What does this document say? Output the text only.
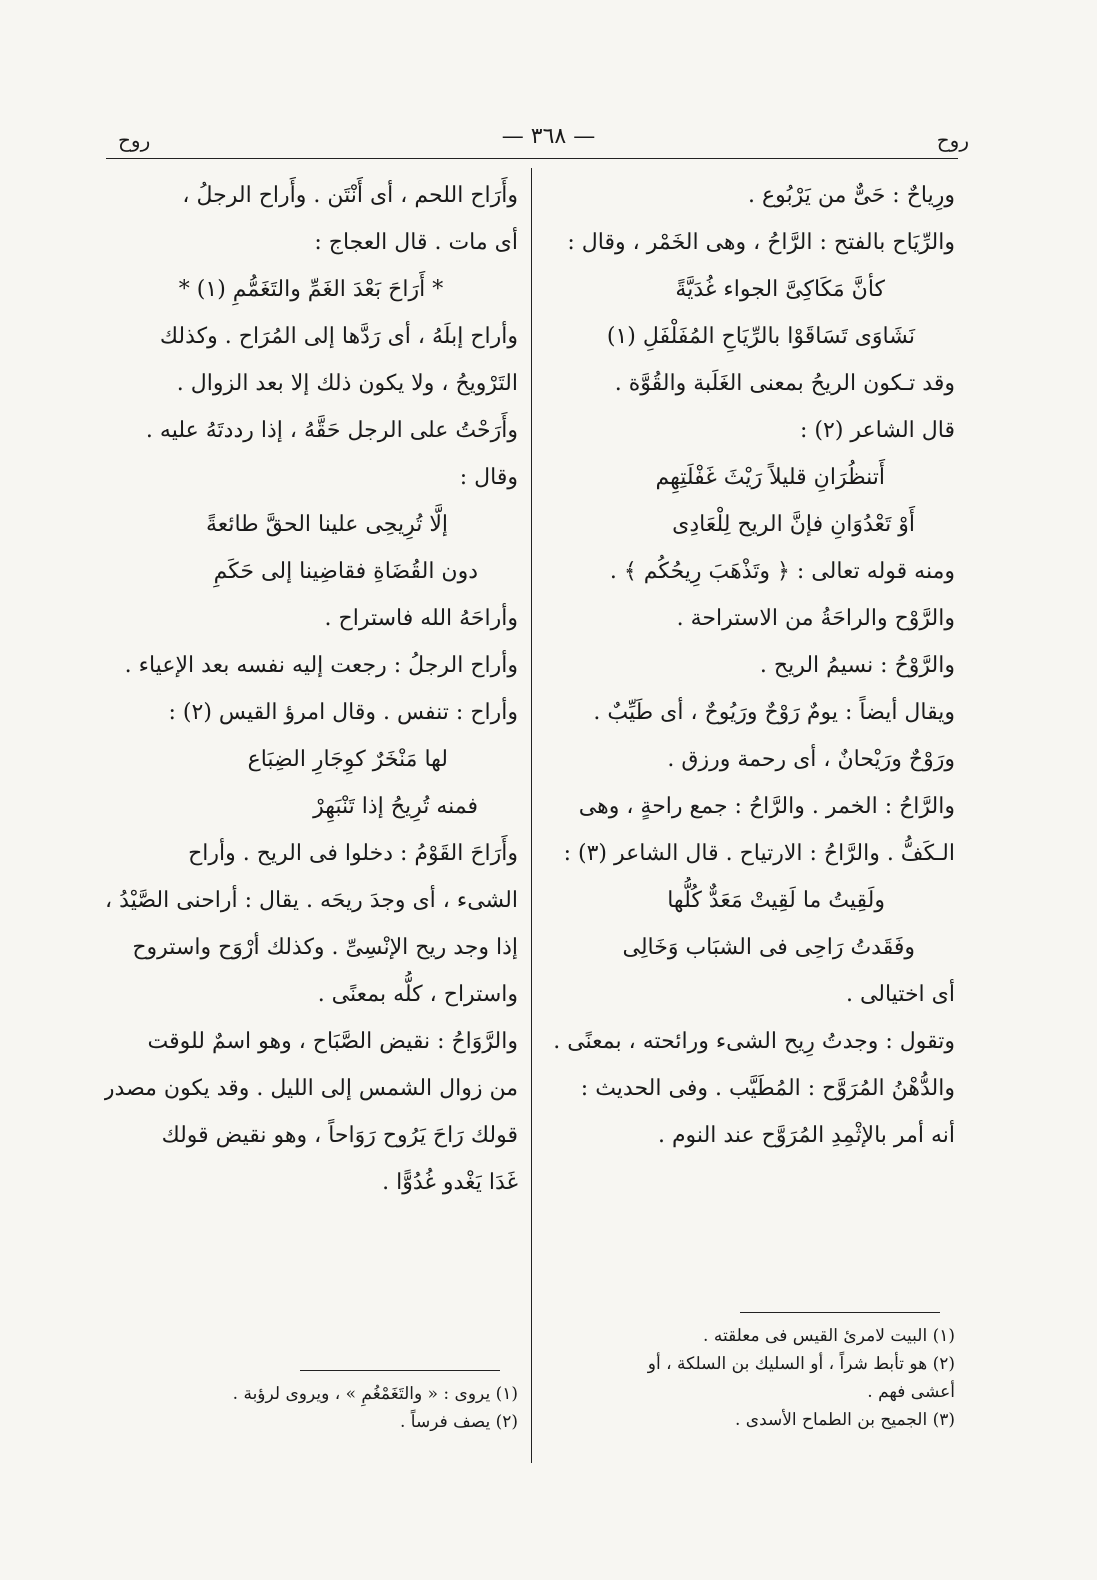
روح
— ٣٦٨ —
روح
ورِياحٌ : حَىٌّ من يَرْبُوع .
والرِّيَاح بالفتح : الرَّاحُ ، وهى الخَمْر ، وقال :
كأنَّ مَكَاكِىَّ الجواء غُدَيَّةً
نَشَاوَى تَسَاقَوْا بالرِّيَاحِ المُفَلْفَلِ (١)
وقد تـكون الريحُ بمعنى الغَلَبة والقُوَّة .
قال الشاعر (٢) :
أَتنظُرَانِ قليلاً رَيْثَ غَفْلَتِهِم
أَوْ تَعْدُوَانِ فإنَّ الريح لِلْعَادِى
ومنه قوله تعالى : ﴿ وتَذْهَبَ رِيحُكُم ﴾ .
والرَّوْح والراحَةُ من الاستراحة .
والرَّوْحُ : نسيمُ الريح .
ويقال أيضاً : يومٌ رَوْحٌ ورَيُوحٌ ، أى طَيِّبٌ .
ورَوْحٌ ورَيْحانٌ ، أى رحمة ورزق .
والرَّاحُ : الخمر . والرَّاحُ : جمع راحةٍ ، وهى
الـكَفُّ . والرَّاحُ : الارتياح . قال الشاعر (٣) :
ولَقِيتُ ما لَقِيتْ مَعَدٌّ كُلُّها
وفَقَدتُ رَاحِى فى الشبَاب وَخَالِى
أى اختيالى .
وتقول : وجدتُ رِيح الشىء ورائحته ، بمعنًى .
والدُّهْنُ المُرَوَّح : المُطَيَّب . وفى الحديث :
أنه أمر بالإثْمِدِ المُرَوَّح عند النوم .
(١) البيت لامرئ القيس فى معلقته .
(٢) هو تأبط شراً ، أو السليك بن السلكة ، أو
أعشى فهم .
(٣) الجميح بن الطماح الأسدى .
وأَرَاح اللحم ، أى أَنْتَن . وأَراح الرجلُ ،
أى مات . قال العجاج :
* أَرَاحَ بَعْدَ الغَمِّ والتَغَمُّمِ (١) *
وأراح إبلَهُ ، أى رَدَّها إلى المُرَاح . وكذلك
التَرْويحُ ، ولا يكون ذلك إلا بعد الزوال .
وأَرَحْتُ على الرجل حَقَّهُ ، إذا رددتَهُ عليه .
وقال :
إلَّا تُرِيحِى علينا الحقَّ طائعةً
دون القُضَاةِ فقاضِينا إلى حَكَمِ
وأراحَهُ الله فاستراح .
وأراح الرجلُ : رجعت إليه نفسه بعد الإعياء .
وأراح : تنفس . وقال امرؤ القيس (٢) :
لها مَنْخَرٌ كوِجَارِ الضِبَاع
فمنه تُرِيحُ إذا تَنْبَهِرْ
وأَرَاحَ القَوْمُ : دخلوا فى الريح . وأراح
الشىء ، أى وجدَ ريحَه . يقال : أراحنى الصَّيْدُ ،
إذا وجد ريح الإنْسِىِّ . وكذلك أرْوَح واستروح
واستراح ، كلُّه بمعنًى .
والرَّوَاحُ : نقيض الصَّبَاح ، وهو اسمٌ للوقت
من زوال الشمس إلى الليل . وقد يكون مصدر
قولك رَاحَ يَرُوح رَوَاحاً ، وهو نقيض قولك
غَدَا يَغْدو غُدُوًّا .
(١) يروى : « والتَغَمْغُمِ » ، ويروى لرؤبة .
(٢) يصف فرساً .
